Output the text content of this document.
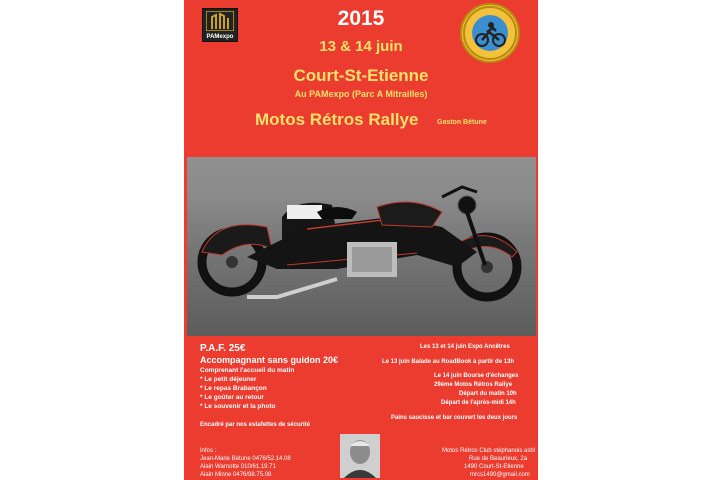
PAMexpo
2015
13 & 14 juin
Court-St-Etienne
Au PAMexpo (Parc A Mitrailles)
Motos Rétros Rallye	Gaston Bétune
P.A.F. 25€
Accompagnant sans guidon 20€
Comprenant l'accueil du matin
* Le petit déjeuner
* Le repas Brabançon
* Le goûter au retour
* Le souvenir et la photo
Encadré par nos estafettes de sécurité
Les 13 et 14 juin Expo Ancêtres
Le 13 juin Balade au RoadBook à partir de 13h
Le 14 juin Bourse d'échanges
29ème Motos Rétros Rallye
Départ du matin 10h
Départ de l'après-midi 14h
Pains saucisse et bar couvert les deux jours
Infos :
Jean-Marie Bétune 0476/52.14.08
Alain Warnotte 010/61.19.71
Alain Minne 0476/98.75.08
Motos Rétros Club stéphanois asbl
Rue de Beaurieux, 2a
1490 Court-St-Etienne
mrcs1490@gmail.com
